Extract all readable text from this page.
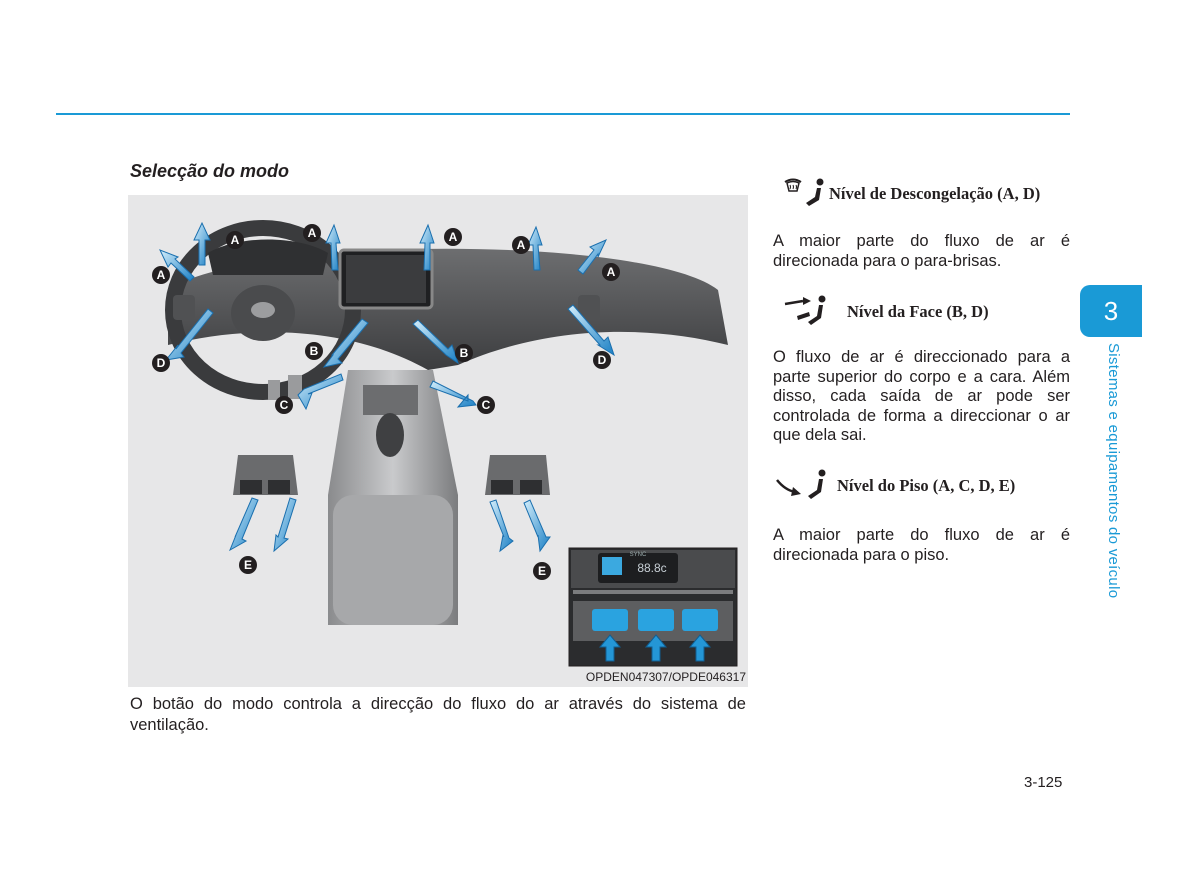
Selecção do modo
A
A
A	A
A
A
B	B
C	C
D	D
E	E
SYNC
88.8c
OPDEN047307/OPDE046317
O botão do modo controla a direcção do fluxo do ar através do sistema de ventilação.
Nível de Descongelação (A, D)
A maior parte do fluxo de ar é direcionada para o para-brisas.
Nível da Face (B, D)
O fluxo de ar é direccionado para a parte superior do corpo e a cara. Além disso, cada saída de ar pode ser controlada de forma a direccionar o ar que dela sai.
Nível do Piso (A, C, D, E)
A maior parte do fluxo de ar é direcionada para o piso.
3
Sistemas e equipamentos do veículo
3-125
